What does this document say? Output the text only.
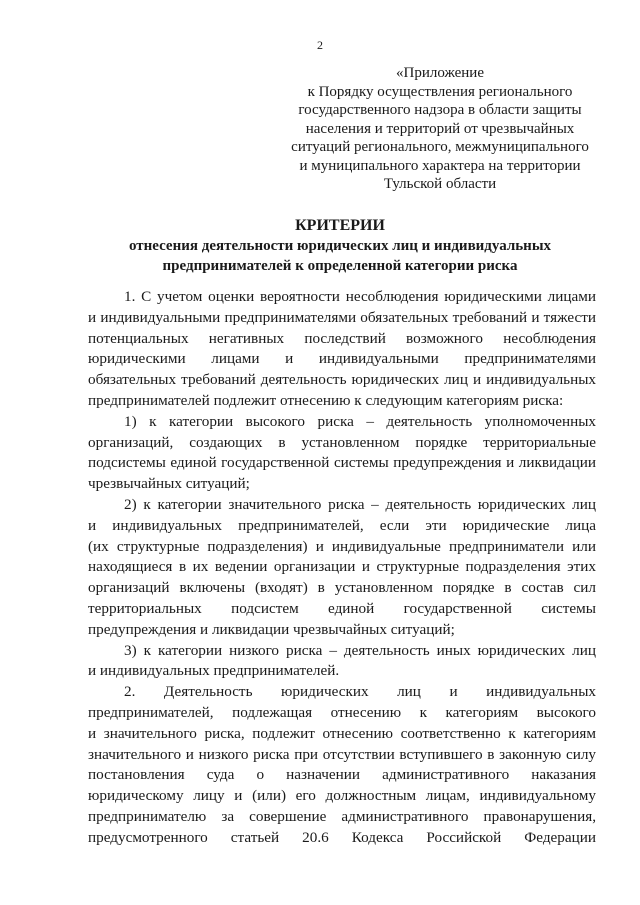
2
«Приложение
к Порядку осуществления регионального
государственного надзора в области защиты
населения и территорий от чрезвычайных
ситуаций регионального, межмуниципального
и муниципального характера на территории
Тульской области
КРИТЕРИИ
отнесения деятельности юридических лиц и индивидуальных
предпринимателей к определенной категории риска
1. С учетом оценки вероятности несоблюдения юридическими лицами
и индивидуальными предпринимателями обязательных требований и тяжести
потенциальных негативных последствий возможного несоблюдения
юридическими лицами и индивидуальными предпринимателями
обязательных требований деятельность юридических лиц и индивидуальных
предпринимателей подлежит отнесению к следующим категориям риска:
1) к категории высокого риска – деятельность уполномоченных
организаций, создающих в установленном порядке территориальные
подсистемы единой государственной системы предупреждения и ликвидации
чрезвычайных ситуаций;
2) к категории значительного риска – деятельность юридических лиц
и индивидуальных предпринимателей, если эти юридические лица
(их структурные подразделения) и индивидуальные предприниматели или
находящиеся в их ведении организации и структурные подразделения этих
организаций включены (входят) в установленном порядке в состав сил
территориальных подсистем единой государственной системы
предупреждения и ликвидации чрезвычайных ситуаций;
3) к категории низкого риска – деятельность иных юридических лиц
и индивидуальных предпринимателей.
2. Деятельность юридических лиц и индивидуальных
предпринимателей, подлежащая отнесению к категориям высокого
и значительного риска, подлежит отнесению соответственно к категориям
значительного и низкого риска при отсутствии вступившего в законную силу
постановления суда о назначении административного наказания
юридическому лицу и (или) его должностным лицам, индивидуальному
предпринимателю за совершение административного правонарушения,
предусмотренного статьей 20.6 Кодекса Российской Федерации
